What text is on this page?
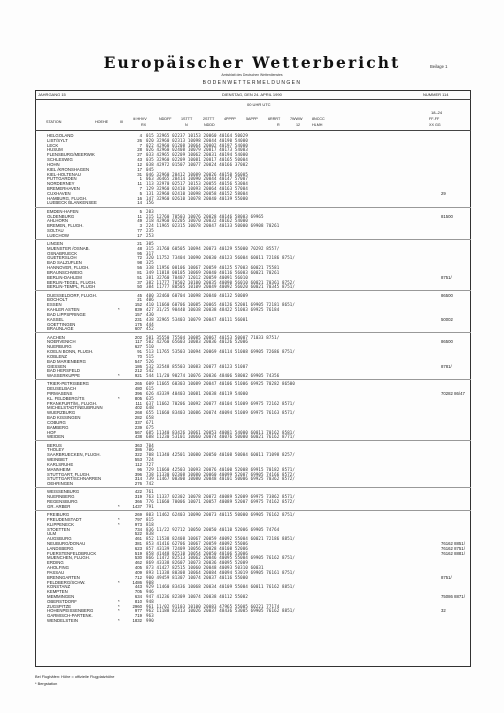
Europäischer Wetterbericht
Amtsblatt des Deutschen Wetterdienstes
Beilage 1
BODENWETTERMELDUNGEN
JAHRGANG 15	DIENSTAG, DEN 24. APRIL 1990	NUMMER 114
00 UHR UTC
18–24
STATION	HOEHE	III
iii HHVV
RX
NDDFF	1STTT
N
2STTT
NDDD
4PPPP	5APPP	6RRRT
R
7WWW
12
8NCCC
HLMH
FF-FF
XX GG
HELGOLAND	4 015 32965 02237 10153 20060 40164 50029
LIST/SYLT	26 020 32960 02313 10098 20044 40190 54000
LECK	7 022 42960 01208 10064 20002 40197 54000
HUSUM	28 026 42960 02408 10079 20017 40173 54003
FLENSBURG/MEERWIK	27 033 42965 02209 10062 20031 40194 54000
SCHLESWIG	43 035 32960 02209 10081 20017 40165 50004
HOHN	12 038 42972 01507 10077 20024 40166 37002
KIEL /KRONSHAGEN	17 045
KIEL-HOLTENAU	31 046 32960 20412 10089 20026 40150 56005
PUTTGARDEN	1 063 36465 20414 10090 20044 40147 57007
NORDERNEY	11 113 32970 02517 10153 20055 40156 53004
BREMERHAVEN	7 129 32960 02410 10093 20064 40163 57004
CUXHAVEN	5 131 32960 02410 10098 20058 40152 58004	29
HAMBURG, FLUGH.	16 147 32960 02610 10078 20040 40139 55000
LUEBECK BLANKENSEE	14 156
EMDEN-HAFEN	5 203
OLDENBURG	11 215 12760 70503 10076 20028 40146 58003 69965	81500
AHLHORN	49 218 42960 02205 10070 20032 40162 54000
BREMEN, FLUGH.	3 224 11965 02315 10078 20047 40133 50000 69908 70261
SOLTAU	77 235
LUECHOW	17 253
LINGEN	21 305
MUENSTER /OSNAB.	48 315 31760 60505 10094 20073 40129 55000 70292 8557/
OSNABRUECK	95 317
GUETERSLOH	72 320 11752 73404 10090 20030 40123 56004 60011 72186 8751/
BAD SALZUFLEN	98 325
HANNOVER, FLUGH.	56 338 11956 00106 10067 20059 40125 57003 60021 75581
BRAUNSCHWEIG	81 349 11818 00105 10069 20040 40116 56003 60021 70261
BERLIN-DAHLEM	51 381 32760 70407 12012 20059 40091 56010	8751/
BERLIN-TEGEL, FLUGH.	37 382 11777 70502 10100 20035 40090 56010 60021 70361 8752/
BERLIN-TEMPL, FLUGH	50 384 11777 80505 10109 20049 40092 56020 60021 70345 8751/
DUESSELDORF, FLUGH.	45 400 32460 60704 10098 20040 40132 50009	86500
BOCHOLT	21 406
ESSEN	152 410 11660 60706 10085 20065 40126 52001 69905 72181 8651/
KAHLER ASTEN	*	839 427 31/25 90440 10038 20038 48422 51003 69925 76184
BAD LIPPSPRINGE	157 430
KASSEL	231 438 32965 53403 10079 20047 40111 56001	50002
GOETTINGEN	175 444
BRAUNLAGE	607 452
AACHEN	202 501 35550 75504 10085 20067 40153 50007 71033 8751/
NOERVENICH	117 502 42760 65603 10083 20036 40126 52006	86500
NUERBURG	627 510
KOELN BONN, FLUGH.	91 513 11765 53503 10094 20069 40114 51008 69905 72686 8751/
KOBLENZ	70 515
BAD MARIENBERG	547 526
GIESSEN	186 532 32548 85503 10083 20077 40123 51007	8781/
BAD HERSFELD	212 542
WASSERKUPPE	*	921 544 11/20 90274 10076 20036 48406 58002 69905 74356
TRIER-PETRISBERG	265 609 11665 60303 10089 20047 40106 51006 69925 70282 86500
DEUSELBACH	480 615
PIRMASENS	396 626 43339 40403 10081 20038 40119 54000	70282 86/47
KL. FELDBERG/TS	*	805 635
FRANKFURT/M., FLUGH.	111 637 11662 70206 10092 20077 40104 51009 69975 72162 8571/
MICHELSTADT/NEUBRUNN	402 648
WUERZBURG	268 655 11660 83403 10086 20074 40094 51009 69975 76163 8571/
BAD KISSINGEN	282 658
COBURG	337 671
BAMBERG	239 675
HOF	567 685 11340 83426 10061 20053 40081 54000 60011 70162 8581/
WEIDEN	438 688 11230 53101 10060 20074 40076 50000 60021 76162 8771/
BERUS	363 704
THOLEY	386 706
SAARBRUECKEN, FLUGH.	322 708 11340 42501 10080 20050 40108 50004 60011 71098 8257/
WEINBIET	553 724
KARLSRUHE	112 727
MANNHEIM	96 729 11660 42503 10093 20076 40100 52008 69915 70182 8571/
STUTTGART, FLUGH.	396 738 11330 02308 10080 20060 40099 52007 69905 74166 8572/
STUTTGART/SCHNARREN	314 739 11467 00300 10080 20048 40101 50006 69925 70362 8572/
OEHRINGEN	276 742
WEISSENBURG	422 761
NUERNBERG	319 763 11337 02302 10078 20072 40089 52009 69975 73862 8571/
REGENSBURG	366 776 11660 70006 10071 20057 40089 52007 69975 74162 8572/
GR. ARBER	*	1437 791
FREIBURG	269 803 11462 62403 10090 20073 40115 50000 69905 76162 8751/
FREUDENSTADT	*	797 815
KLIPPENECK	*	973 818
STOETTEN	734 836 11/22 92712 10050 20050 40110 52006 69905 74764
ULM	522 838
AUGSBURG	461 852 11538 82408 10067 20059 40092 55004 60021 72186 8851/
NEUBURG/DONAU	381 853 41416 62706 10067 20059 40092 55006	76162 8851/
LANDSBERG	623 857 43139 72409 10056 20028 40108 52006	76162 8751/
FUERSTENFELDBRUCK	519 858 41448 82510 10054 20050 40106 53006	76162 8881/
MUENCHEN, FLUGH.	530 866 11472 82513 10062 20046 40095 55004 69905 76162 8751/
ERDING	462 869 43338 82607 10073 20036 40095 52009
AHOLFING	405 873 41427 82515 10060 20048 40093 50310 60031
PASSAU	409 893 11338 80308 10064 20084 40094 53019 69905 76161 8751/
BRENNGARTEN	712 900 49459 81307 10074 20037 40116 55000	8751/
FELDBERG/SCHW.	*	1486 908
KONSTANZ	443 929 11460 83436 10068 20034 40109 55004 60011 76162 8851/
KEMPTEN	705 946
MEMMINGEN	634 947 41236 82309 10074 20038 40112 55002	75086 8871/
OBERSTDORF	*	810 948
ZUGSPITZE	*	2960 961 11/02 91103 10100 20083 47965 55005 60221 77174
HOHENPEISSENBERG	*	977 962 11188 82313 10026 20037 48436 53005 69905 76162 8851/	32
GARMISCH-PARTENK.	719 963
WENDELSTEIN	*	1832 990
Bei Flughäfen: Höhe = offizielle Flugplatzhöhe
* Bergstation
